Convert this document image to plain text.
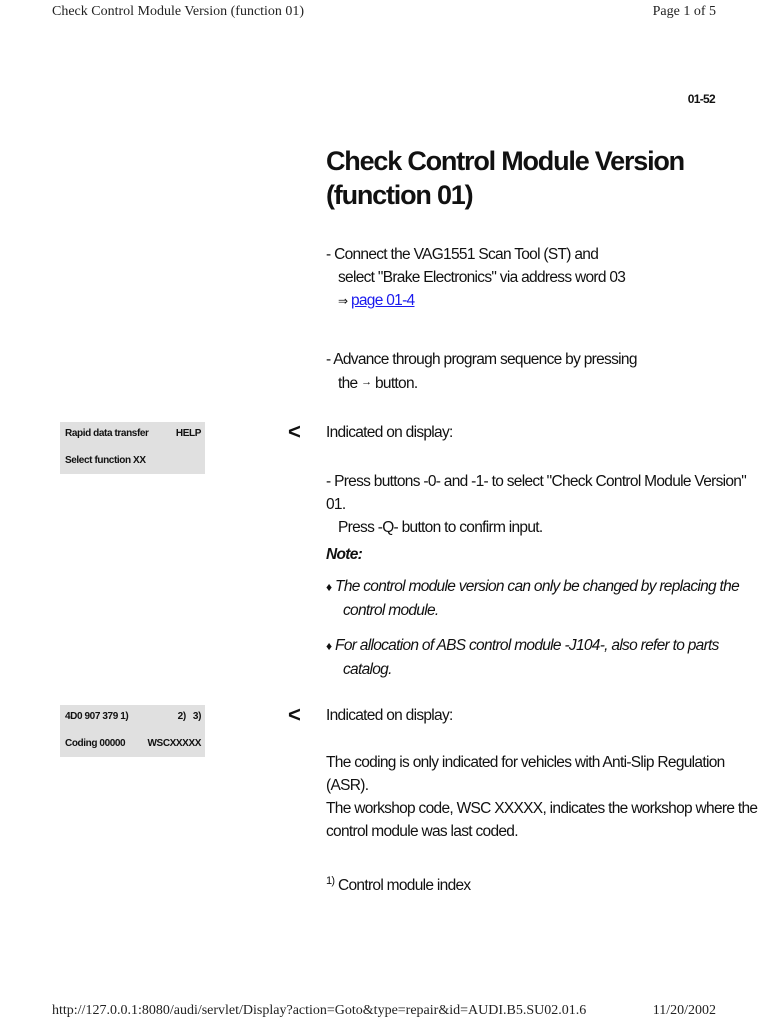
Check Control Module Version (function 01)	Page 1 of 5
01-52
Check Control Module Version
(function 01)
- Connect the VAG1551 Scan Tool (ST) and
select "Brake Electronics" via address word 03
⇒ page 01-4
- Advance through program sequence by pressing
the → button.
Rapid data transfer	HELP
Select function XX
< Indicated on display:
- Press buttons -0- and -1- to select "Check Control Module Version" 01.
Press -Q- button to confirm input.
Note:
♦ The control module version can only be changed by replacing the
control module.
♦ For allocation of ABS control module -J104-, also refer to parts
catalog.
4D0 907 379 1)	2) 3)
Coding 00000 WSCXXXXX
< Indicated on display:
The coding is only indicated for vehicles with Anti-Slip Regulation (ASR).
The workshop code, WSC XXXXX, indicates the workshop where the
control module was last coded.
$^{1)}$ Control module index
http://127.0.0.1:8080/audi/servlet/Display?action=Goto&type=repair&id=AUDI.B5.SU02.01.6	11/20/2002
